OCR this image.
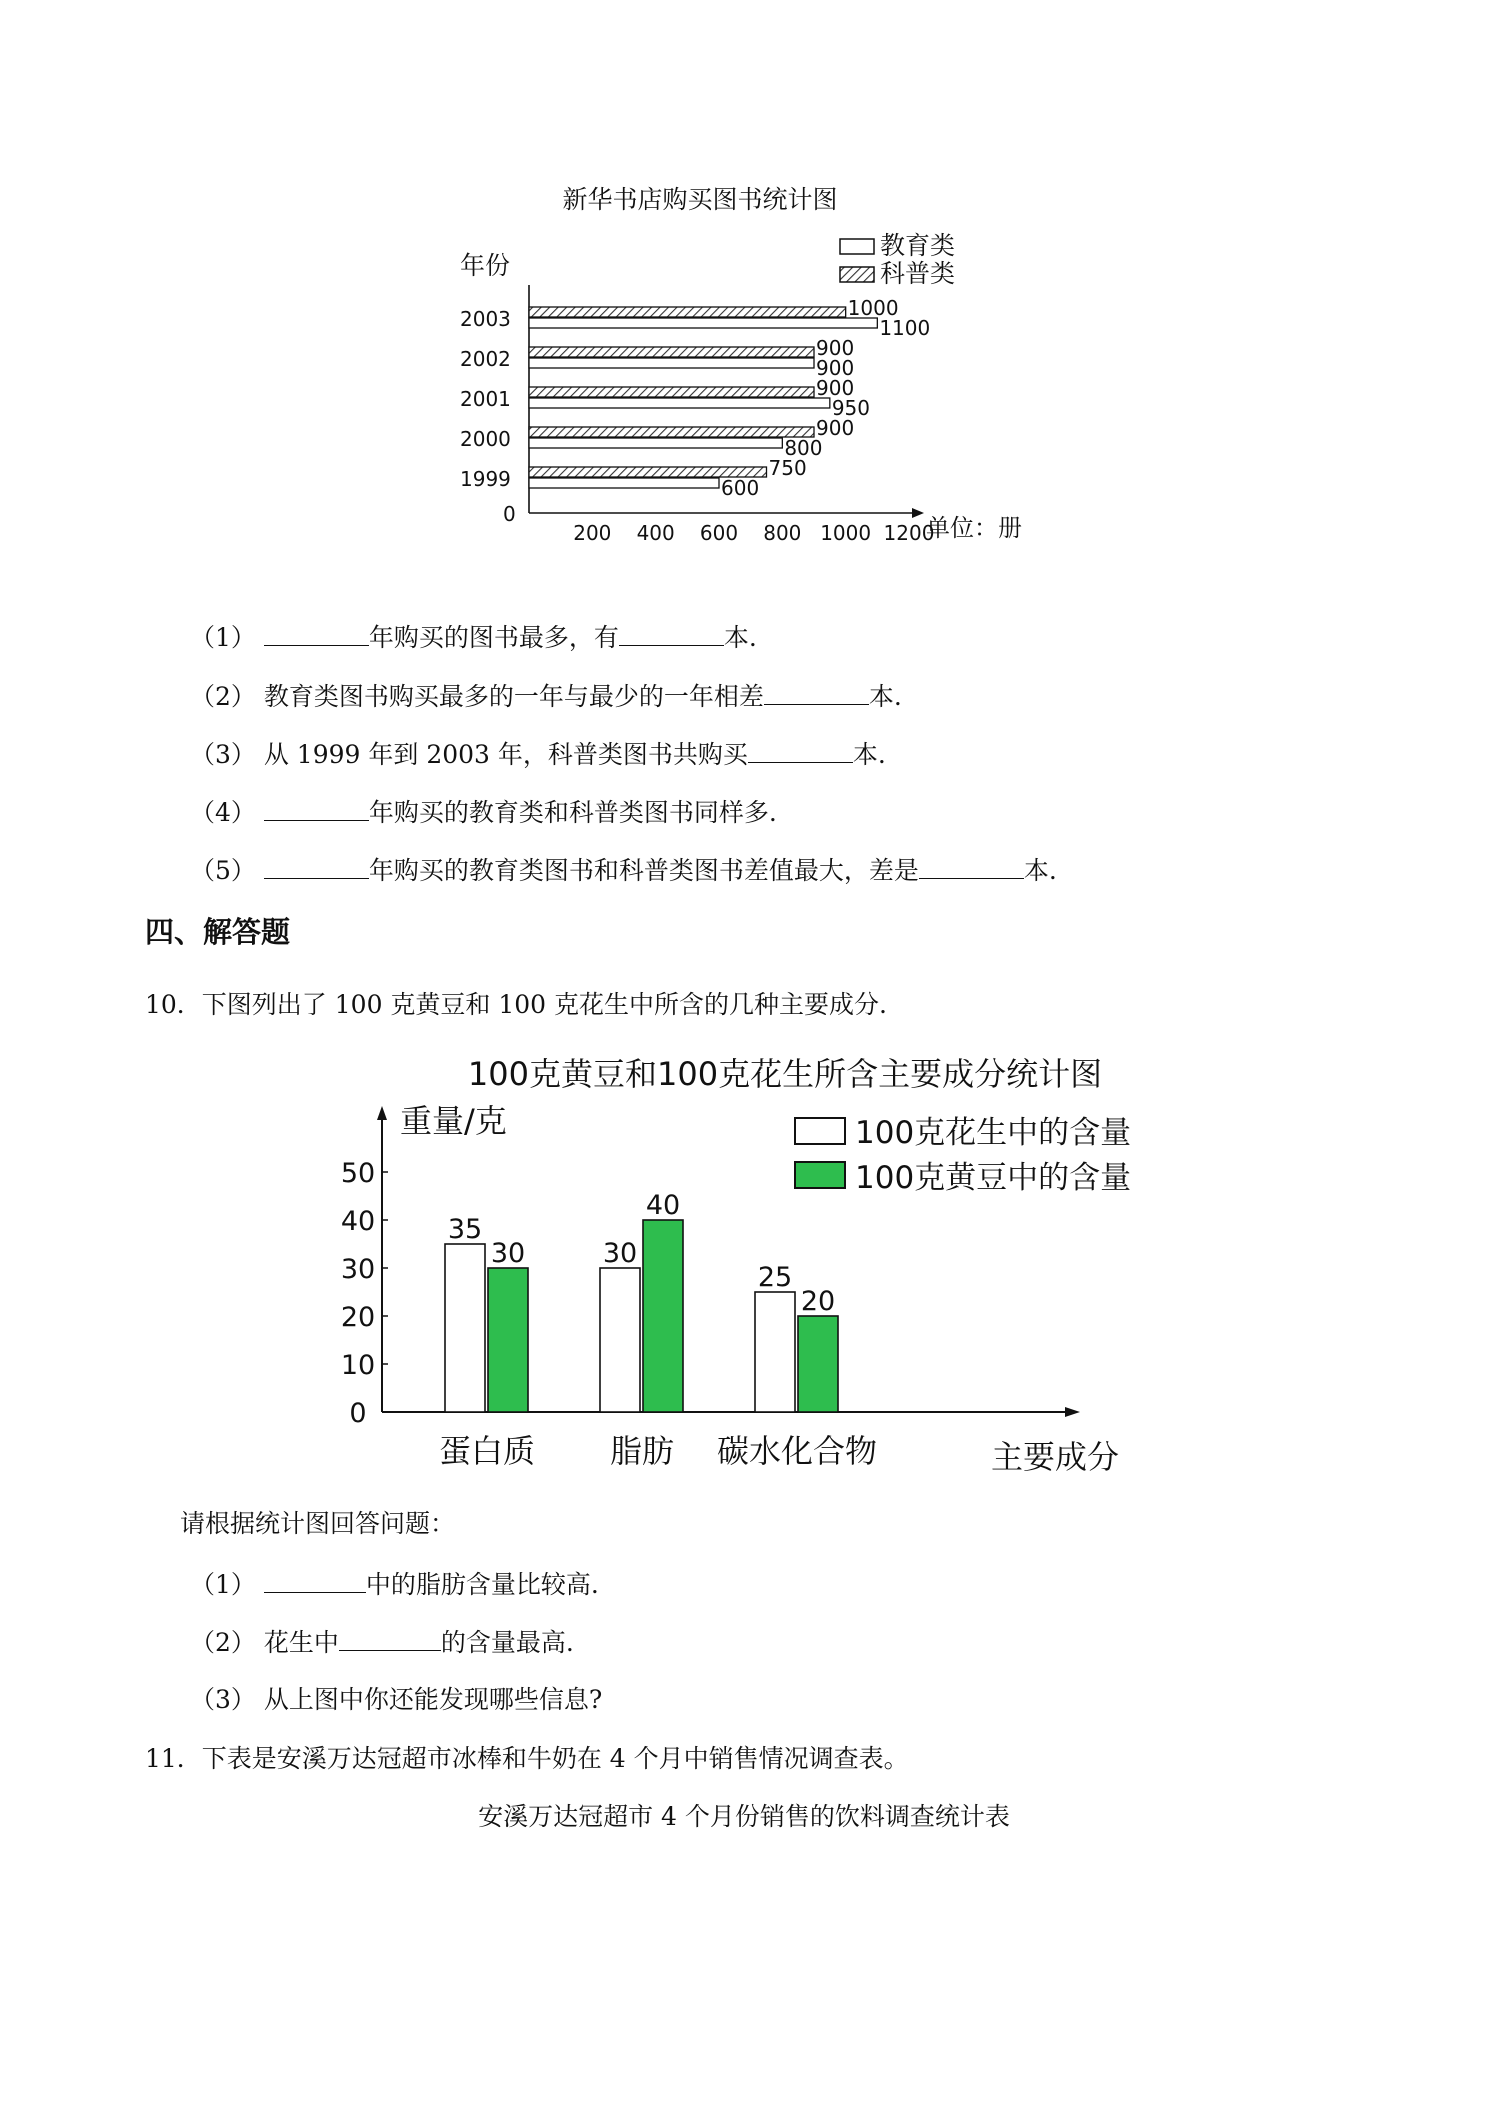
新华书店购买图书统计图
年份
教育类
科普类
0	单位：册
200 400 600 800 1000 1200
1999	750
600
2000	900
800
2001	900
950
2002	900
900
2003	1000
1100
（1）	年购买的图书最多，有	本.
（2） 教育类图书购买最多的一年与最少的一年相差	本.
（3） 从 1999 年到 2003 年，科普类图书共购买	本.
（4）	年购买的教育类和科普类图书同样多.
（5）	年购买的教育类图书和科普类图书差值最大，差是	本.
四、解答题
10．下图列出了 100 克黄豆和 100 克花生中所含的几种主要成分.
100克黄豆和100克花生所含主要成分统计图
重量/克	100克花生中的含量
100克黄豆中的含量
主要成分
0
10
20
30
40
50
35
30
蛋白质
30
40
脂肪
25
20
碳水化合物
请根据统计图回答问题：
（1）	中的脂肪含量比较高.
（2） 花生中	的含量最高.
（3） 从上图中你还能发现哪些信息?
11．下表是安溪万达冠超市冰棒和牛奶在 4 个月中销售情况调查表。
安溪万达冠超市 4 个月份销售的饮料调查统计表
